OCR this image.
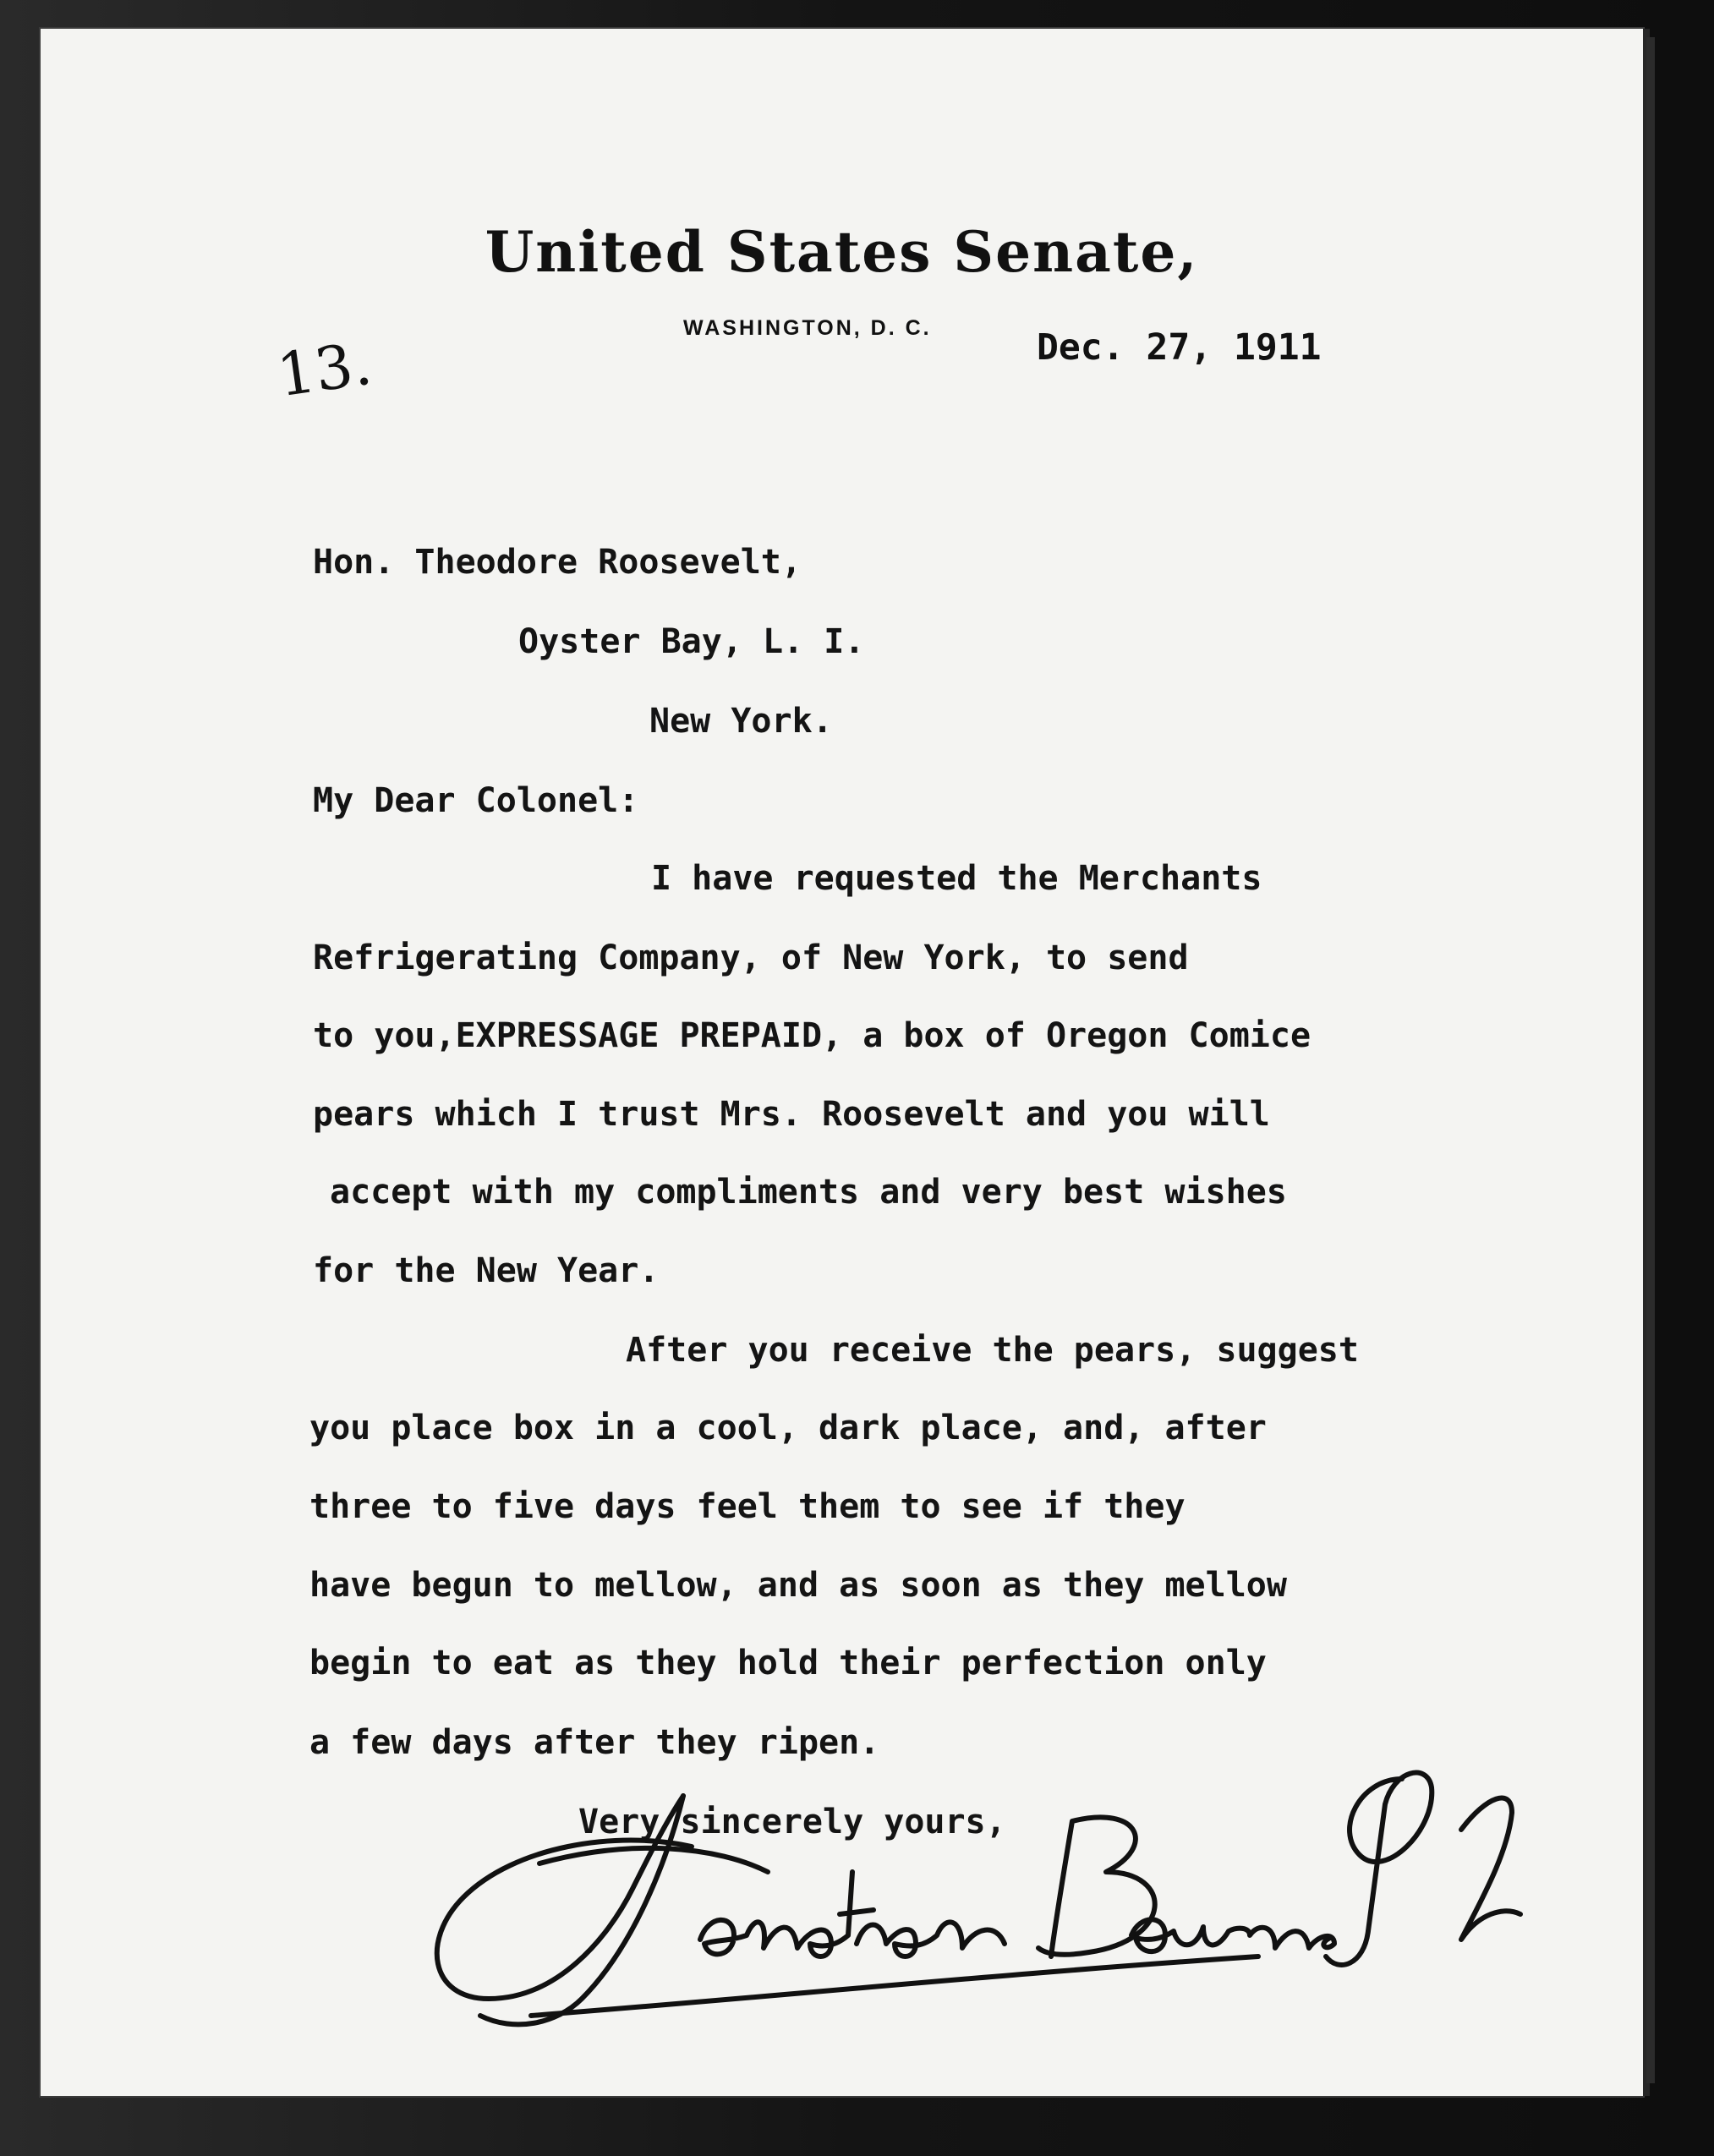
United States Senate,
WASHINGTON, D. C.	Dec. 27, 1911
13.
Hon. Theodore Roosevelt,
Oyster Bay, L. I.
New York.
My Dear Colonel:
I have requested the Merchants
Refrigerating Company, of New York, to send
to you,EXPRESSAGE PREPAID, a box of Oregon Comice
pears which I trust Mrs. Roosevelt and you will
accept with my compliments and very best wishes
for the New Year.
After you receive the pears, suggest
you place box in a cool, dark place, and, after
three to five days feel them to see if they
have begun to mellow, and as soon as they mellow
begin to eat as they hold their perfection only
a few days after they ripen.
Very sincerely yours,
